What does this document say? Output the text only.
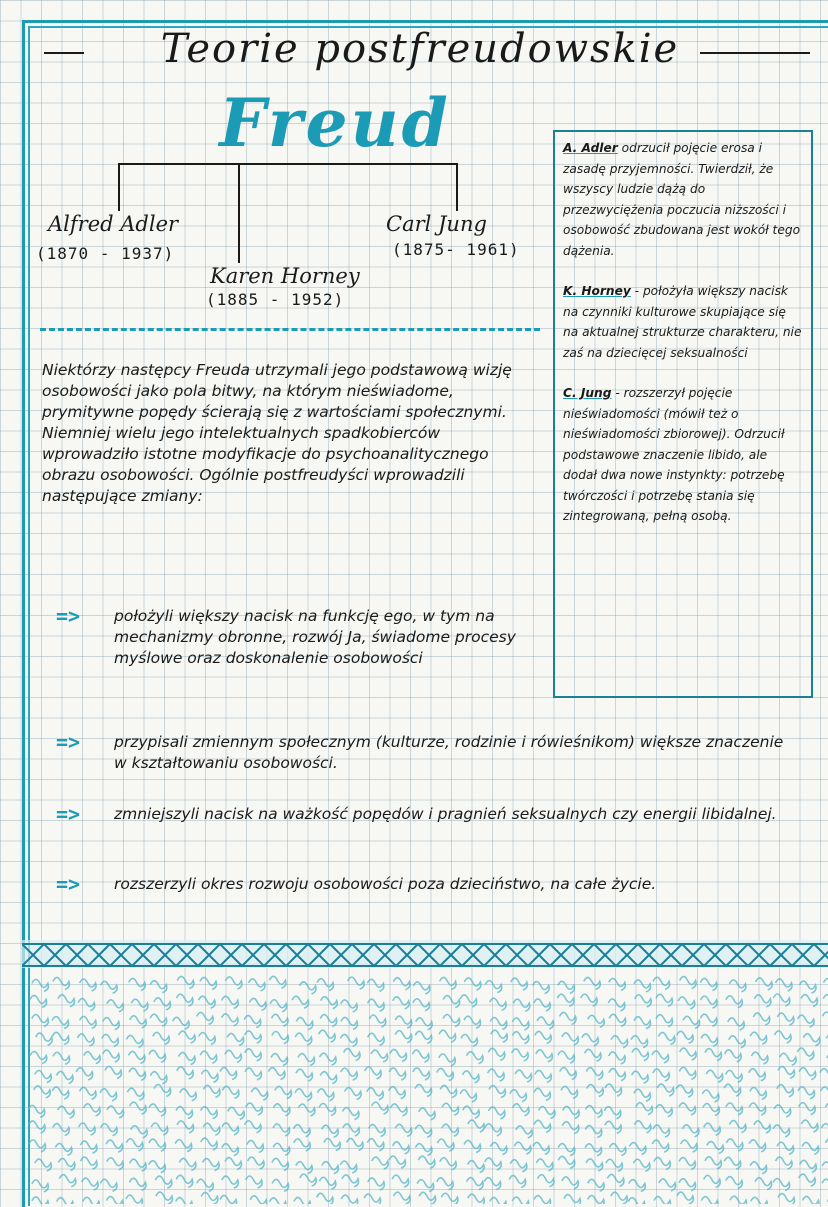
Teorie postfreudowskie
Freud
Alfred Adler
(1870 - 1937)
Karen Horney
(1885 - 1952)
Carl Jung
(1875- 1961)

A. Adler odrzucił pojęcie erosa i zasadę przyjemności. Twierdził, że wszyscy ludzie dążą do przezwyciężenia poczucia niższości i osobowość zbudowana jest wokół tego dążenia.

K. Horney - położyła większy nacisk na czynniki kulturowe skupiające się na aktualnej strukturze charakteru, nie zaś na dziecięcej seksualności

C. Jung - rozszerzył pojęcie nieświadomości (mówił też o nieświadomości zbiorowej). Odrzucił podstawowe znaczenie libido, ale dodał dwa nowe instynkty: potrzebę twórczości i potrzebę stania się zintegrowaną, pełną osobą.

Niektórzy następcy Freuda utrzymali jego podstawową wizję osobowości jako pola bitwy, na którym nieświadome, prymitywne popędy ścierają się z wartościami społecznymi. Niemniej wielu jego intelektualnych spadkobierców wprowadziło istotne modyfikacje do psychoanalitycznego obrazu osobowości. Ogólnie postfreudyści wprowadzili następujące zmiany:

=> położyli większy nacisk na funkcję ego, w tym na mechanizmy obronne, rozwój Ja, świadome procesy myślowe oraz doskonalenie osobowości
=> przypisali zmiennym społecznym (kulturze, rodzinie i rówieśnikom) większe znaczenie w kształtowaniu osobowości.
=> zmniejszyli nacisk na ważkość popędów i pragnień seksualnych czy energii libidalnej.
=> rozszerzyli okres rozwoju osobowości poza dzieciństwo, na całe życie.
